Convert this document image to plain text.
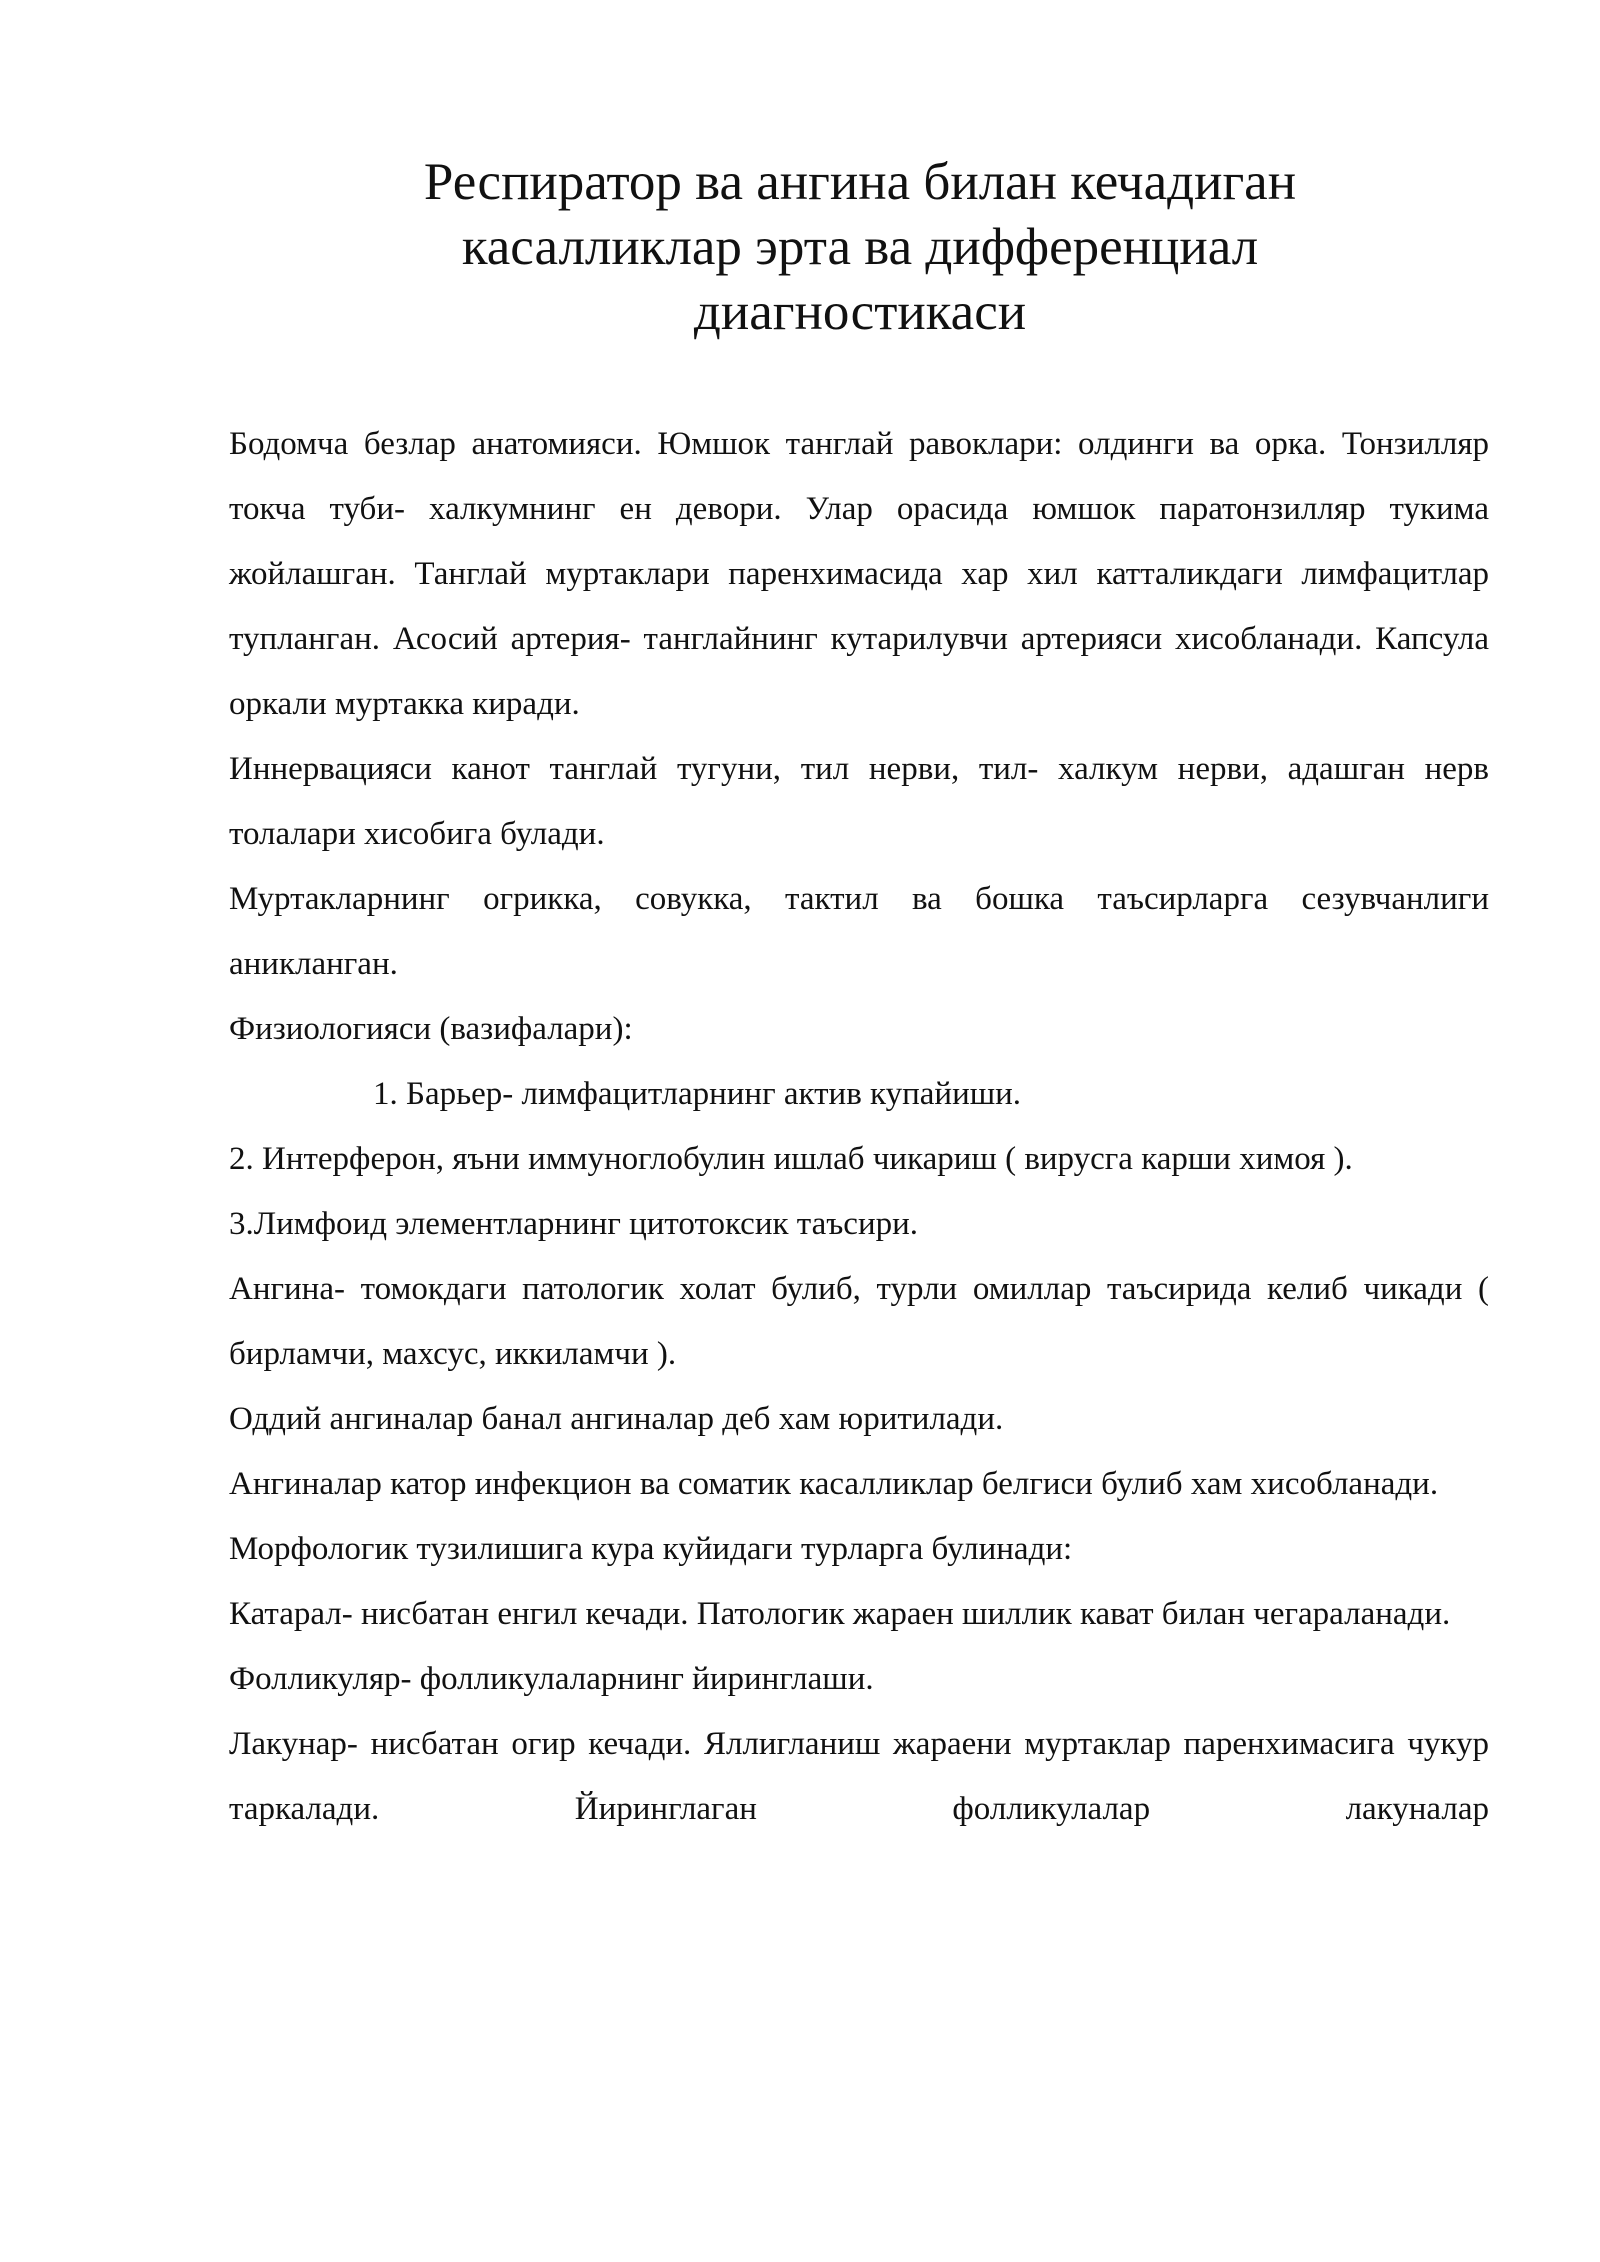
Респиратор ва ангина билан кечадиган
касалликлар эрта ва дифференциал
диагностикаси

Бодомча безлар анатомияси. Юмшок танглай равоклари: олдинги ва орка. Тонзилляр токча туби- халкумнинг ен девори. Улар орасида юмшок паратонзилляр тукима жойлашган. Танглай муртаклари паренхимасида хар хил катталикдаги лимфацитлар тупланган. Асосий артерия- танглайнинг кутарилувчи артерияси хисобланади. Капсула оркали муртакка киради.

Иннервацияси канот танглай тугуни, тил нерви, тил- халкум нерви, адашган нерв толалари хисобига булади.

Муртакларнинг огрикка, совукка, тактил ва бошка таъсирларга сезувчанлиги аникланган.

Физиологияси (вазифалари):

1. Барьер- лимфацитларнинг актив купайиши.

2. Интерферон, яъни иммуноглобулин ишлаб чикариш ( вирусга карши химоя ).

3.Лимфоид элементларнинг цитотоксик таъсири.

Ангина- томокдаги патологик холат булиб, турли омиллар таъсирида келиб чикади ( бирламчи, махсус, иккиламчи ).

Оддий ангиналар банал ангиналар деб хам юритилади.

Ангиналар катор инфекцион ва соматик касалликлар белгиси булиб хам хисобланади.

Морфологик тузилишига кура куйидаги турларга булинади:

Катарал- нисбатан енгил кечади. Патологик жараен шиллик кават билан чегараланади.

Фолликуляр- фолликулаларнинг йиринглаши.

Лакунар- нисбатан огир кечади. Яллигланиш жараени муртаклар паренхимасига чукур таркалади. Йиринглаган фолликулалар лакуналар
